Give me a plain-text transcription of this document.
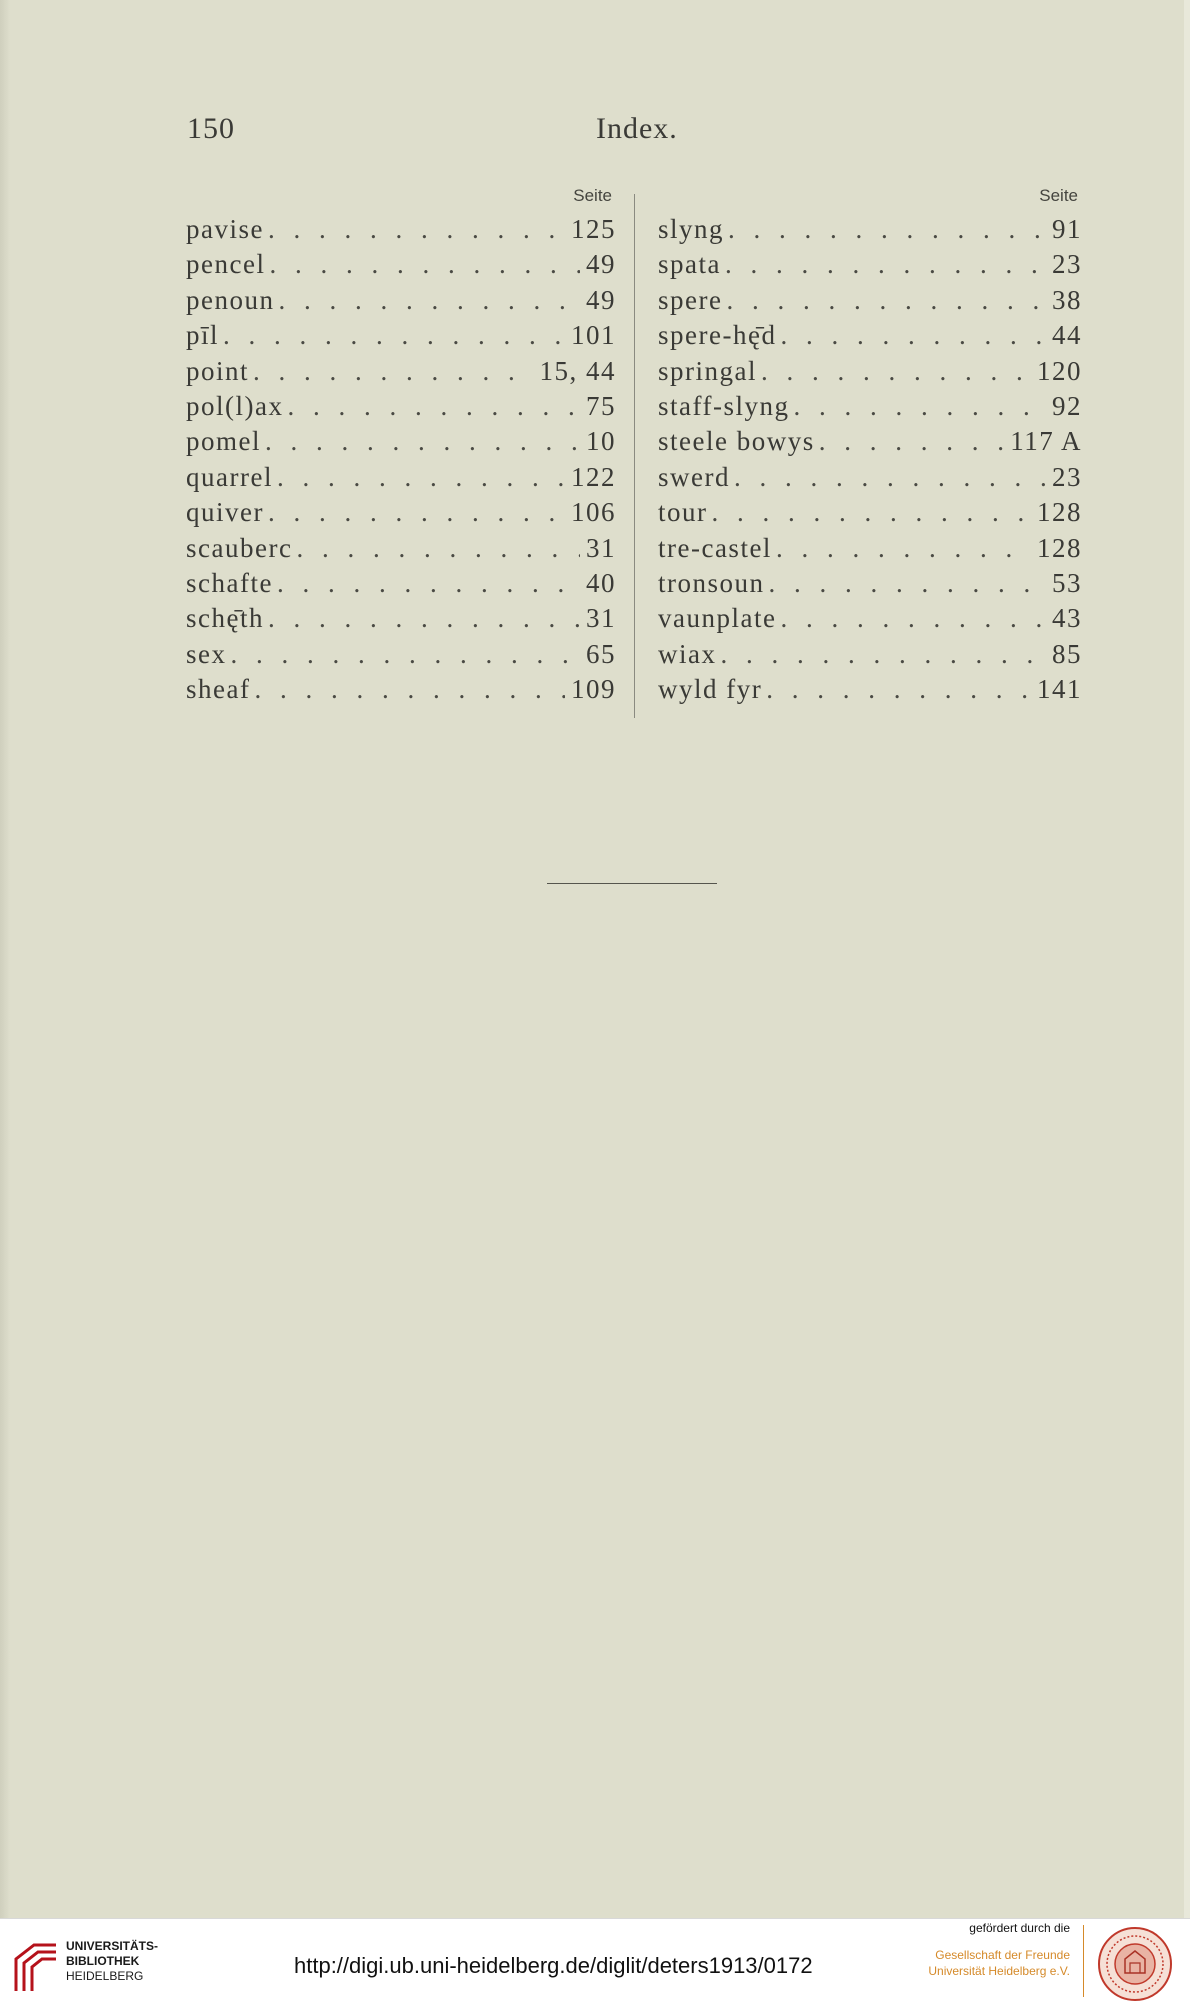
150	Index.
Seite
pavise . . .	125
pencel . . .	49
penoun . . .	49
pīl . . .	101
point . . .	15, 44
pol(l)ax . . .	75
pomel . . .	10
quarrel . . .	122
quiver . . .	106
scauberc . . .	31
schafte . . .	40
schę̄th . . .	31
sex . . .	65
sheaf . . .	109
Seite
slyng . . .	91
spata . . .	23
spere . . .	38
spere-hę̄d . . .	44
springal . . .	120
staff-slyng . . .	92
steele bowys . . .	117 A
swerd . . .	23
tour . . .	128
tre-castel . . .	128
tronsoun . . .	53
vaunplate . . .	43
wiax . . .	85
wyld fyr . . .	141
UNIVERSITÄTS-
BIBLIOTHEK
HEIDELBERG	http://digi.ub.uni-heidelberg.de/diglit/deters1913/0172
gefördert durch die
Gesellschaft der Freunde
Universität Heidelberg e.V.
